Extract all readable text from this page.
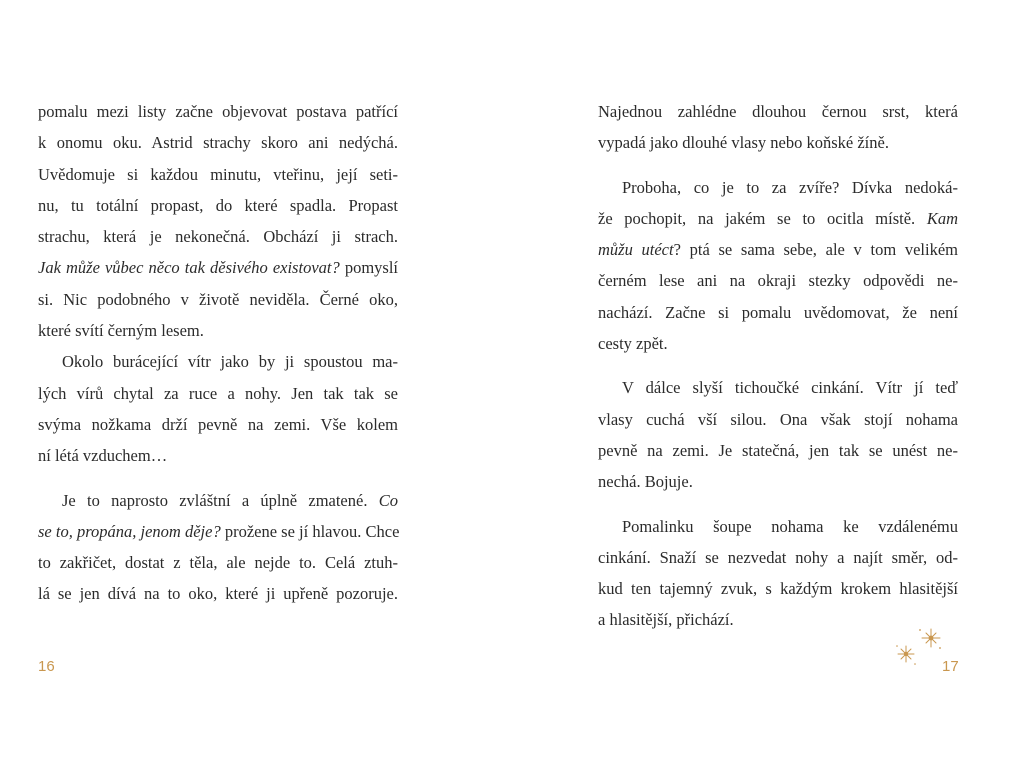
pomalu mezi listy začne objevovat postava patřící
k onomu oku. Astrid strachy skoro ani nedýchá.
Uvědomuje si každou minutu, vteřinu, její seti-
nu, tu totální propast, do které spadla. Propast
strachu, která je nekonečná. Obchází ji strach.
Jak může vůbec něco tak děsivého existovat? pomyslí
si. Nic podobného v životě neviděla. Černé oko,
které svítí černým lesem.
Okolo burácející vítr jako by ji spoustou ma-
lých vírů chytal za ruce a nohy. Jen tak tak se
svýma nožkama drží pevně na zemi. Vše kolem
ní létá vzduchem…
Je to naprosto zvláštní a úplně zmatené. Co
se to, propána, jenom děje? prožene se jí hlavou. Chce
to zakřičet, dostat z těla, ale nejde to. Celá ztuh-
lá se jen dívá na to oko, které ji upřeně pozoruje.
Najednou zahlédne dlouhou černou srst, která
vypadá jako dlouhé vlasy nebo koňské žíně.
Proboha, co je to za zvíře? Dívka nedoká-
že pochopit, na jakém se to ocitla místě. Kam
můžu utéct? ptá se sama sebe, ale v tom velikém
černém lese ani na okraji stezky odpovědi ne-
nachází. Začne si pomalu uvědomovat, že není
cesty zpět.
V dálce slyší tichoučké cinkání. Vítr jí teď
vlasy cuchá vší silou. Ona však stojí nohama
pevně na zemi. Je statečná, jen tak se unést ne-
nechá. Bojuje.
Pomalinku šoupe nohama ke vzdálenému
cinkání. Snaží se nezvedat nohy a najít směr, od-
kud ten tajemný zvuk, s každým krokem hlasitější
a hlasitější, přichází.
16	17
